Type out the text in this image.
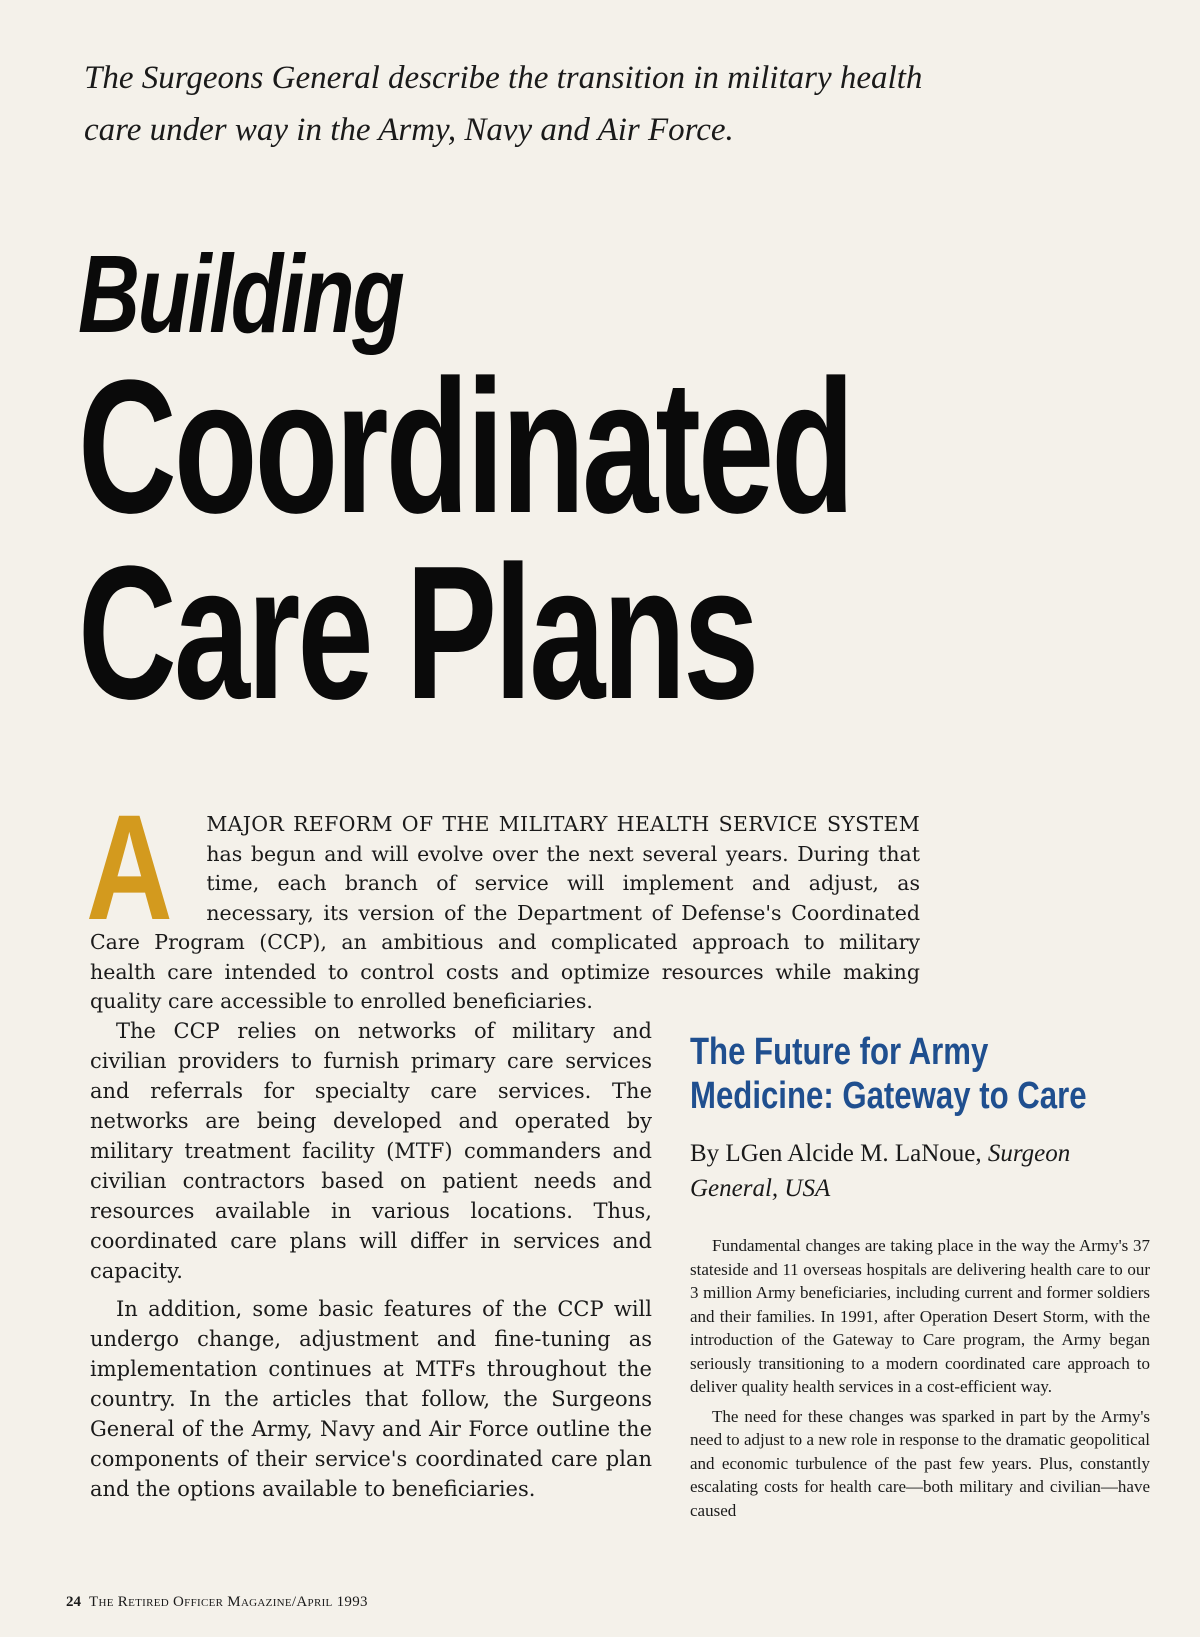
The Surgeons General describe the transition in military health
care under way in the Army, Navy and Air Force.
Building
Coordinated
Care Plans
A MAJOR REFORM OF THE MILITARY HEALTH SERVICE SYSTEM has begun and will evolve over the next several years. During that time, each branch of service will implement and adjust, as necessary, its version of the Department of Defense's Coordinated Care Program (CCP), an ambitious and complicated approach to military health care intended to control costs and optimize resources while making quality care accessible to enrolled beneficiaries.

The CCP relies on networks of military and civilian providers to furnish primary care services and referrals for specialty care services. The networks are being developed and operated by military treatment facility (MTF) commanders and civilian contractors based on patient needs and resources available in various locations. Thus, coordinated care plans will differ in services and capacity.

In addition, some basic features of the CCP will undergo change, adjustment and fine-tuning as implementation continues at MTFs throughout the country. In the articles that follow, the Surgeons General of the Army, Navy and Air Force outline the components of their service's coordinated care plan and the options available to beneficiaries.

The Future for Army
Medicine: Gateway to Care
By LGen Alcide M. LaNoue, Surgeon General, USA

Fundamental changes are taking place in the way the Army's 37 stateside and 11 overseas hospitals are delivering health care to our 3 million Army beneficiaries, including current and former soldiers and their families. In 1991, after Operation Desert Storm, with the introduction of the Gateway to Care program, the Army began seriously transitioning to a modern coordinated care approach to deliver quality health services in a cost-efficient way.

The need for these changes was sparked in part by the Army's need to adjust to a new role in response to the dramatic geopolitical and economic turbulence of the past few years. Plus, constantly escalating costs for health care—both military and civilian—have caused

24 The Retired Officer Magazine/April 1993
